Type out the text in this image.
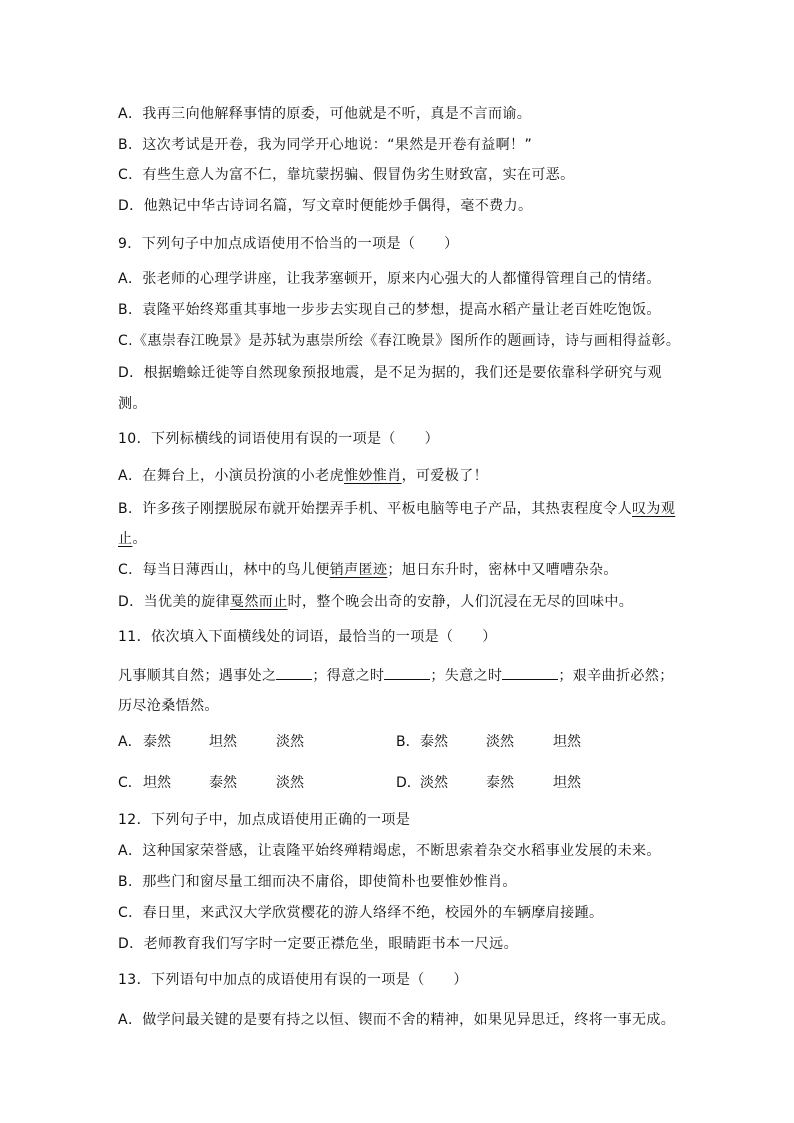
A．我再三向他解释事情的原委，可他就是不听，真是不言而谕。
B．这次考试是开卷，我为同学开心地说：“果然是开卷有益啊！”
C．有些生意人为富不仁，靠坑蒙拐骗、假冒伪劣生财致富，实在可恶。
D．他熟记中华古诗词名篇，写文章时便能炒手偶得，毫不费力。
9．下列句子中加点成语使用不恰当的一项是（　　）
A．张老师的心理学讲座，让我茅塞顿开，原来内心强大的人都懂得管理自己的情绪。
B．袁隆平始终郑重其事地一步步去实现自己的梦想，提高水稻产量让老百姓吃饱饭。
C.《惠崇春江晚景》是苏轼为惠崇所绘《春江晚景》图所作的题画诗，诗与画相得益彰。
D．根据蟾蜍迁徙等自然现象预报地震，是不足为据的，我们还是要依靠科学研究与观
测。
10．下列标横线的词语使用有误的一项是（　　）
A．在舞台上，小演员扮演的小老虎惟妙惟肖，可爱极了！
B．许多孩子刚摆脱尿布就开始摆弄手机、平板电脑等电子产品，其热衷程度令人叹为观
止。
C．每当日薄西山，林中的鸟儿便销声匿迹；旭日东升时，密林中又嘈嘈杂杂。
D．当优美的旋律戛然而止时，整个晚会出奇的安静，人们沉浸在无尽的回味中。
11．依次填入下面横线处的词语，最恰当的一项是（　　）
凡事顺其自然；遇事处之	；得意之时	；失意之时	；艰辛曲折必然；
历尽沧桑悟然。
A． 泰然	坦然	淡然	B． 泰然	淡然	坦然
C． 坦然	泰然	淡然	D． 淡然	泰然	坦然
12．下列句子中，加点成语使用正确的一项是
A．这种国家荣誉感，让袁隆平始终殚精竭虑，不断思索着杂交水稻事业发展的未来。
B．那些门和窗尽量工细而决不庸俗，即使简朴也要惟妙惟肖。
C．春日里，来武汉大学欣赏樱花的游人络绎不绝，校园外的车辆摩肩接踵。
D．老师教育我们写字时一定要正襟危坐，眼睛距书本一尺远。
13．下列语句中加点的成语使用有误的一项是（　　）
A．做学问最关键的是要有持之以恒、锲而不舍的精神，如果见异思迁，终将一事无成。
